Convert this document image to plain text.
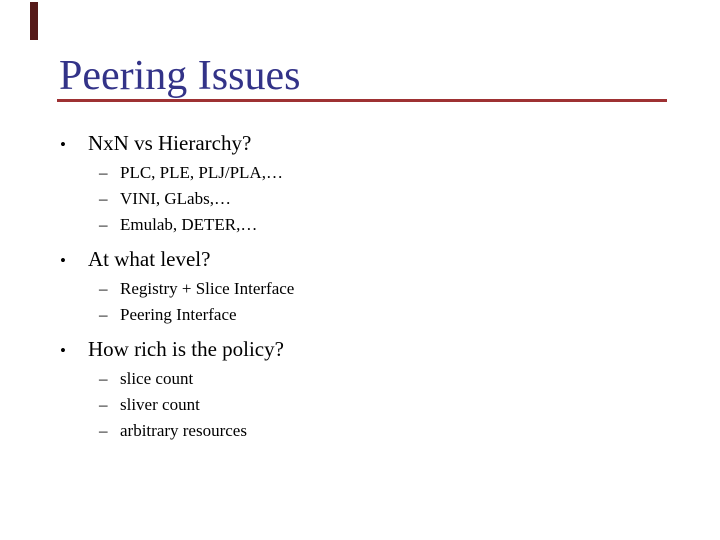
Peering Issues
•	NxN vs Hierarchy?
– PLC, PLE, PLJ/PLA,…
– VINI, GLabs,…
– Emulab, DETER,…
•	At what level?
– Registry + Slice Interface
– Peering Interface
•	How rich is the policy?
– slice count
– sliver count
– arbitrary resources
